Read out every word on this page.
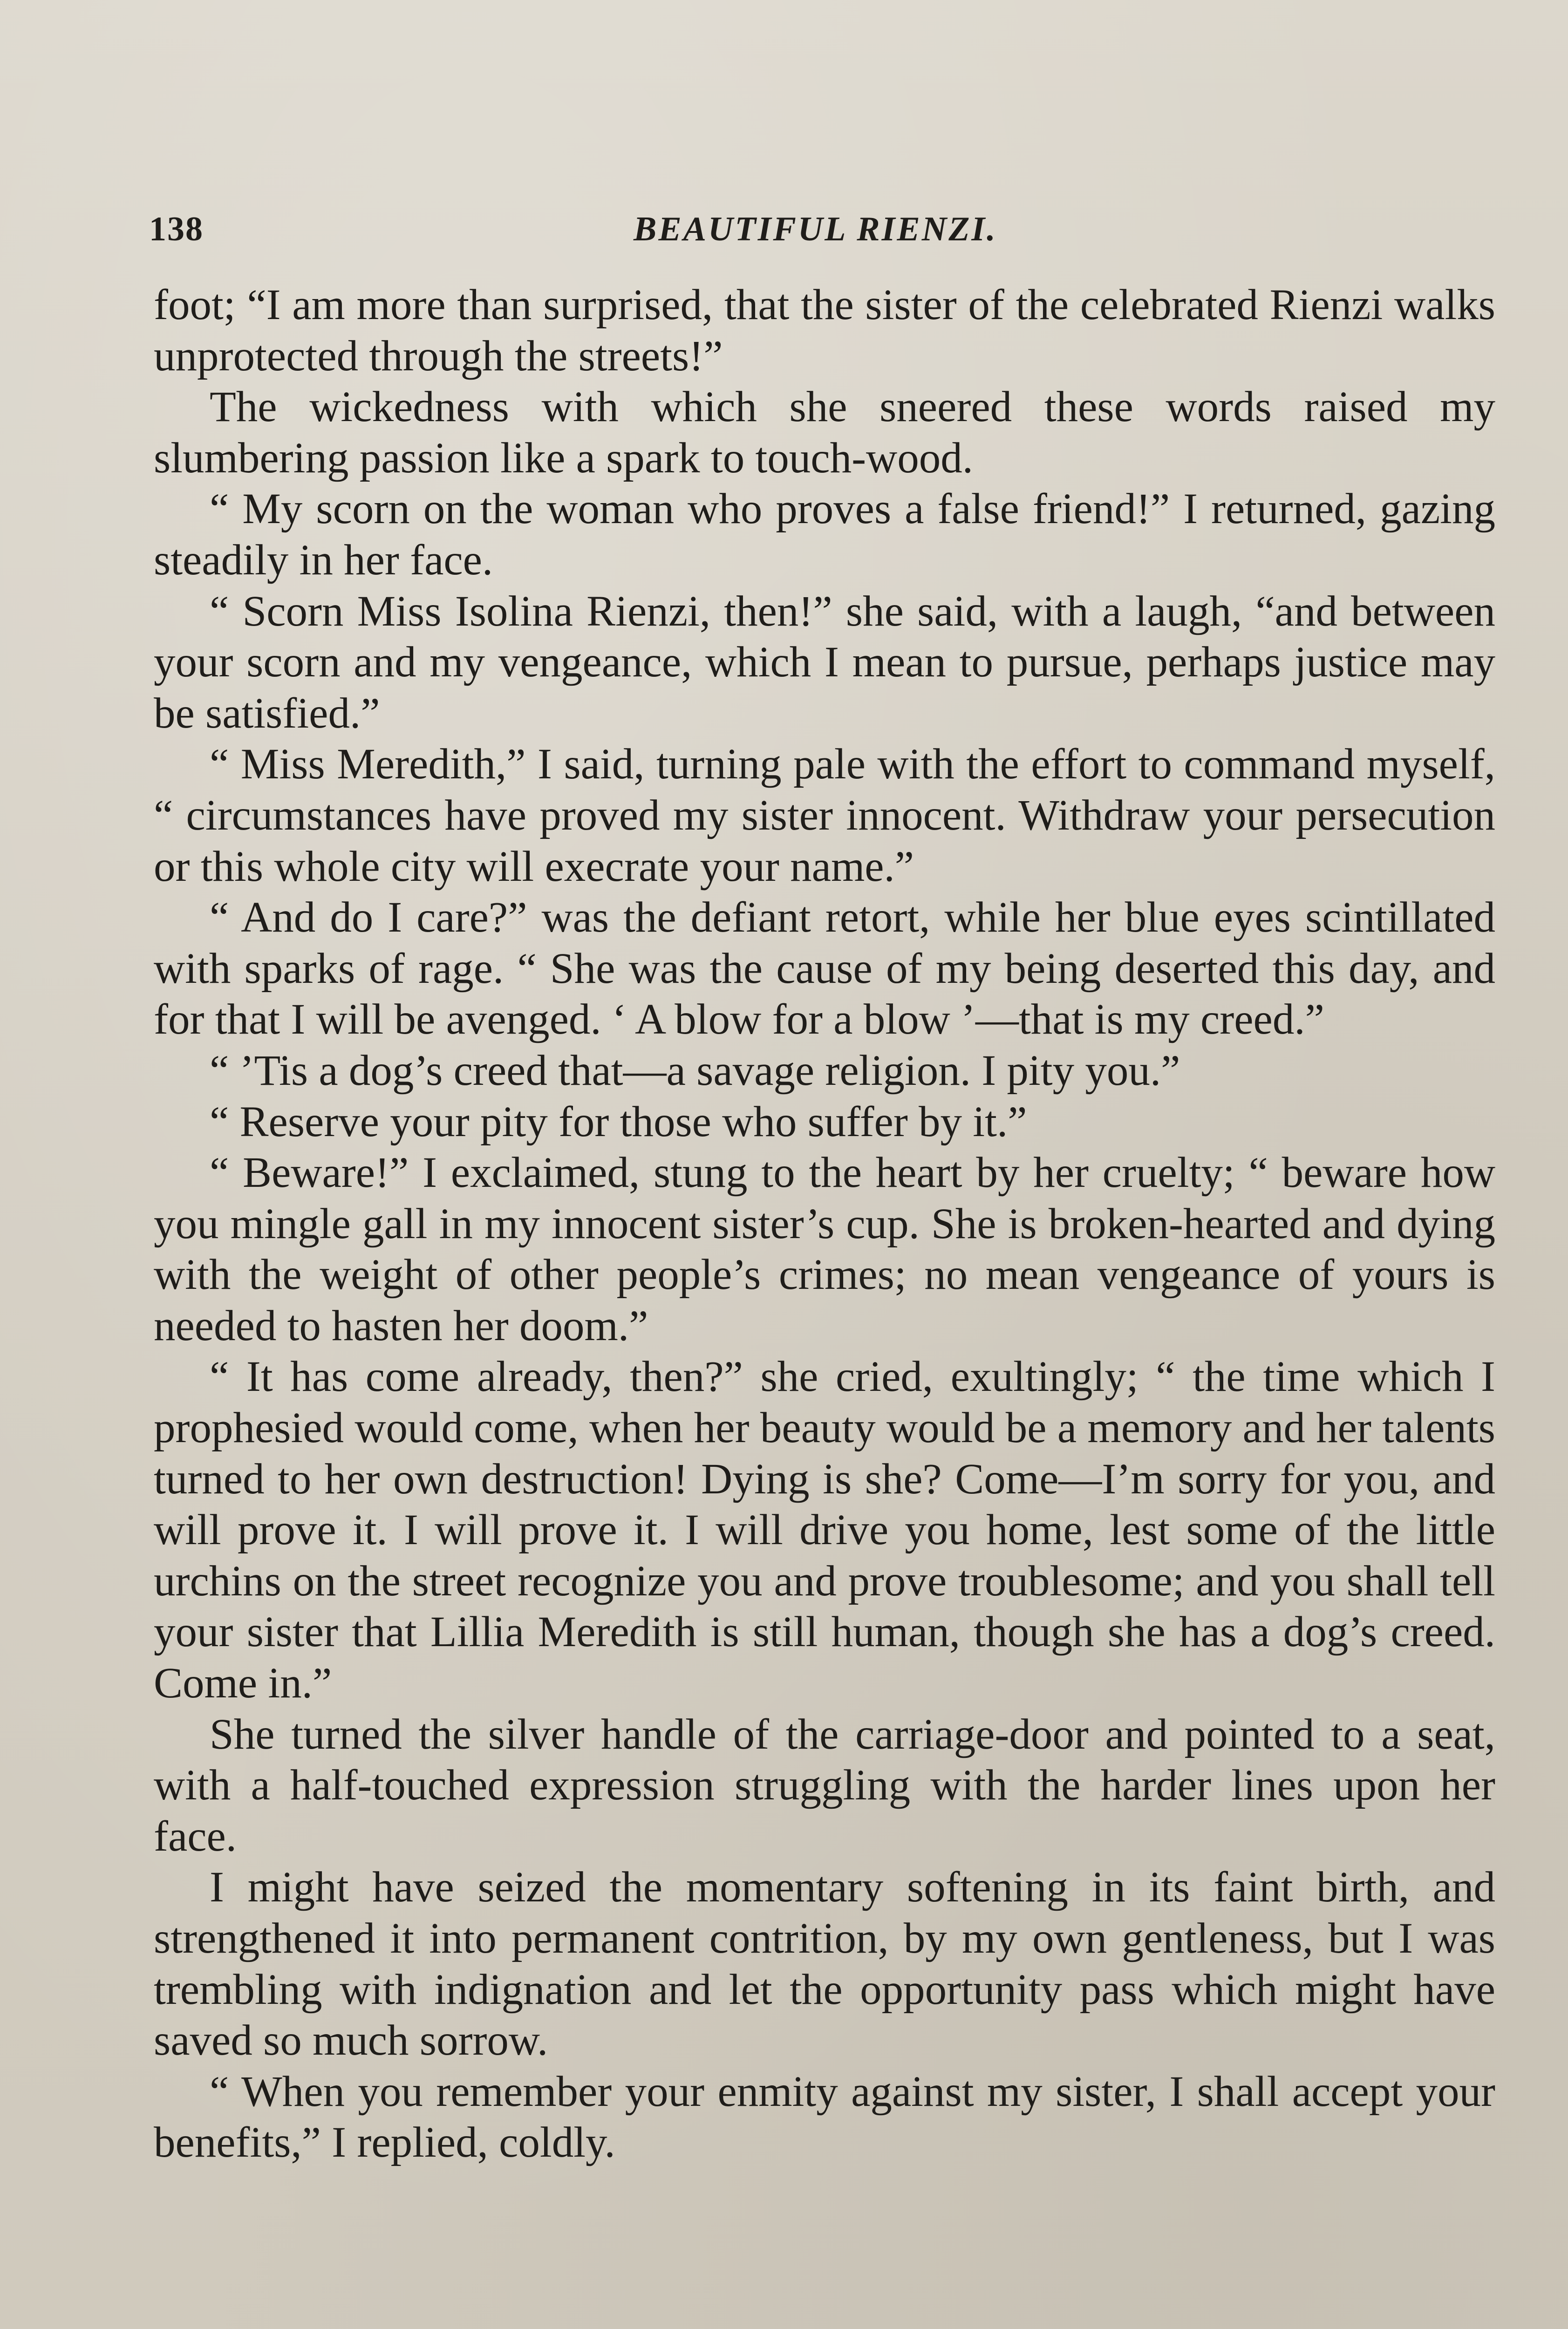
138	BEAUTIFUL RIENZI.

foot; “I am more than surprised, that the sister of the celebrated Rienzi walks unprotected through the streets!”

The wickedness with which she sneered these words raised my slumbering passion like a spark to touch-wood.

“ My scorn on the woman who proves a false friend!” I returned, gazing steadily in her face.

“ Scorn Miss Isolina Rienzi, then!” she said, with a laugh, “and between your scorn and my vengeance, which I mean to pursue, perhaps justice may be satisfied.”

“ Miss Meredith,” I said, turning pale with the effort to command myself, “ circumstances have proved my sister innocent. Withdraw your persecution or this whole city will execrate your name.”

“ And do I care?” was the defiant retort, while her blue eyes scintillated with sparks of rage. “ She was the cause of my being deserted this day, and for that I will be avenged. ‘ A blow for a blow ’—that is my creed.”

“ ’Tis a dog’s creed that—a savage religion. I pity you.”

“ Reserve your pity for those who suffer by it.”

“ Beware!” I exclaimed, stung to the heart by her cruelty; “ beware how you mingle gall in my innocent sister’s cup. She is broken-hearted and dying with the weight of other people’s crimes; no mean vengeance of yours is needed to hasten her doom.”

“ It has come already, then?” she cried, exultingly; “ the time which I prophesied would come, when her beauty would be a memory and her talents turned to her own destruction! Dying is she? Come—I’m sorry for you, and will prove it. I will prove it. I will drive you home, lest some of the little urchins on the street recognize you and prove troublesome; and you shall tell your sister that Lillia Meredith is still human, though she has a dog’s creed. Come in.”

She turned the silver handle of the carriage-door and pointed to a seat, with a half-touched expression struggling with the harder lines upon her face.

I might have seized the momentary softening in its faint birth, and strengthened it into permanent contrition, by my own gentleness, but I was trembling with indignation and let the opportunity pass which might have saved so much sorrow.

“ When you remember your enmity against my sister, I shall accept your benefits,” I replied, coldly.
